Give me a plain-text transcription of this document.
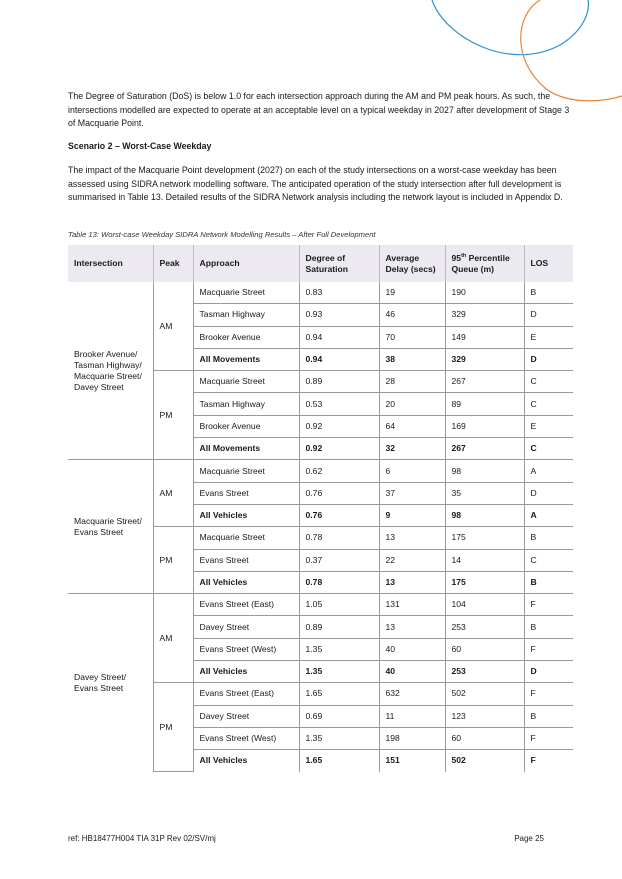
The Degree of Saturation (DoS) is below 1.0 for each intersection approach during the AM and PM peak hours. As such, the intersections modelled are expected to operate at an acceptable level on a typical weekday in 2027 after development of Stage 3 of Macquarie Point.

Scenario 2 – Worst-Case Weekday

The impact of the Macquarie Point development (2027) on each of the study intersections on a worst-case weekday has been assessed using SIDRA network modelling software. The anticipated operation of the study intersection after full development is summarised in Table 13. Detailed results of the SIDRA Network analysis including the network layout is included in Appendix D.

Table 13: Worst-case Weekday SIDRA Network Modelling Results – After Full Development

Intersection	Peak	Approach	Degree of Saturation	Average Delay (secs)	95th Percentile Queue (m)	LOS
Brooker Avenue/ Tasman Highway/ Macquarie Street/ Davey Street	AM	Macquarie Street	0.83	19	190	B
		Tasman Highway	0.93	46	329	D
		Brooker Avenue	0.94	70	149	E
		All Movements	0.94	38	329	D
	PM	Macquarie Street	0.89	28	267	C
		Tasman Highway	0.53	20	89	C
		Brooker Avenue	0.92	64	169	E
		All Movements	0.92	32	267	C
Macquarie Street/ Evans Street	AM	Macquarie Street	0.62	6	98	A
		Evans Street	0.76	37	35	D
		All Vehicles	0.76	9	98	A
	PM	Macquarie Street	0.78	13	175	B
		Evans Street	0.37	22	14	C
		All Vehicles	0.78	13	175	B
Davey Street/ Evans Street	AM	Evans Street (East)	1.05	131	104	F
		Davey Street	0.89	13	253	B
		Evans Street (West)	1.35	40	60	F
		All Vehicles	1.35	40	253	D
	PM	Evans Street (East)	1.65	632	502	F
		Davey Street	0.69	11	123	B
		Evans Street (West)	1.35	198	60	F
		All Vehicles	1.65	151	502	F
ref: HB18477H004 TIA 31P Rev 02/SV/mj	Page 25
